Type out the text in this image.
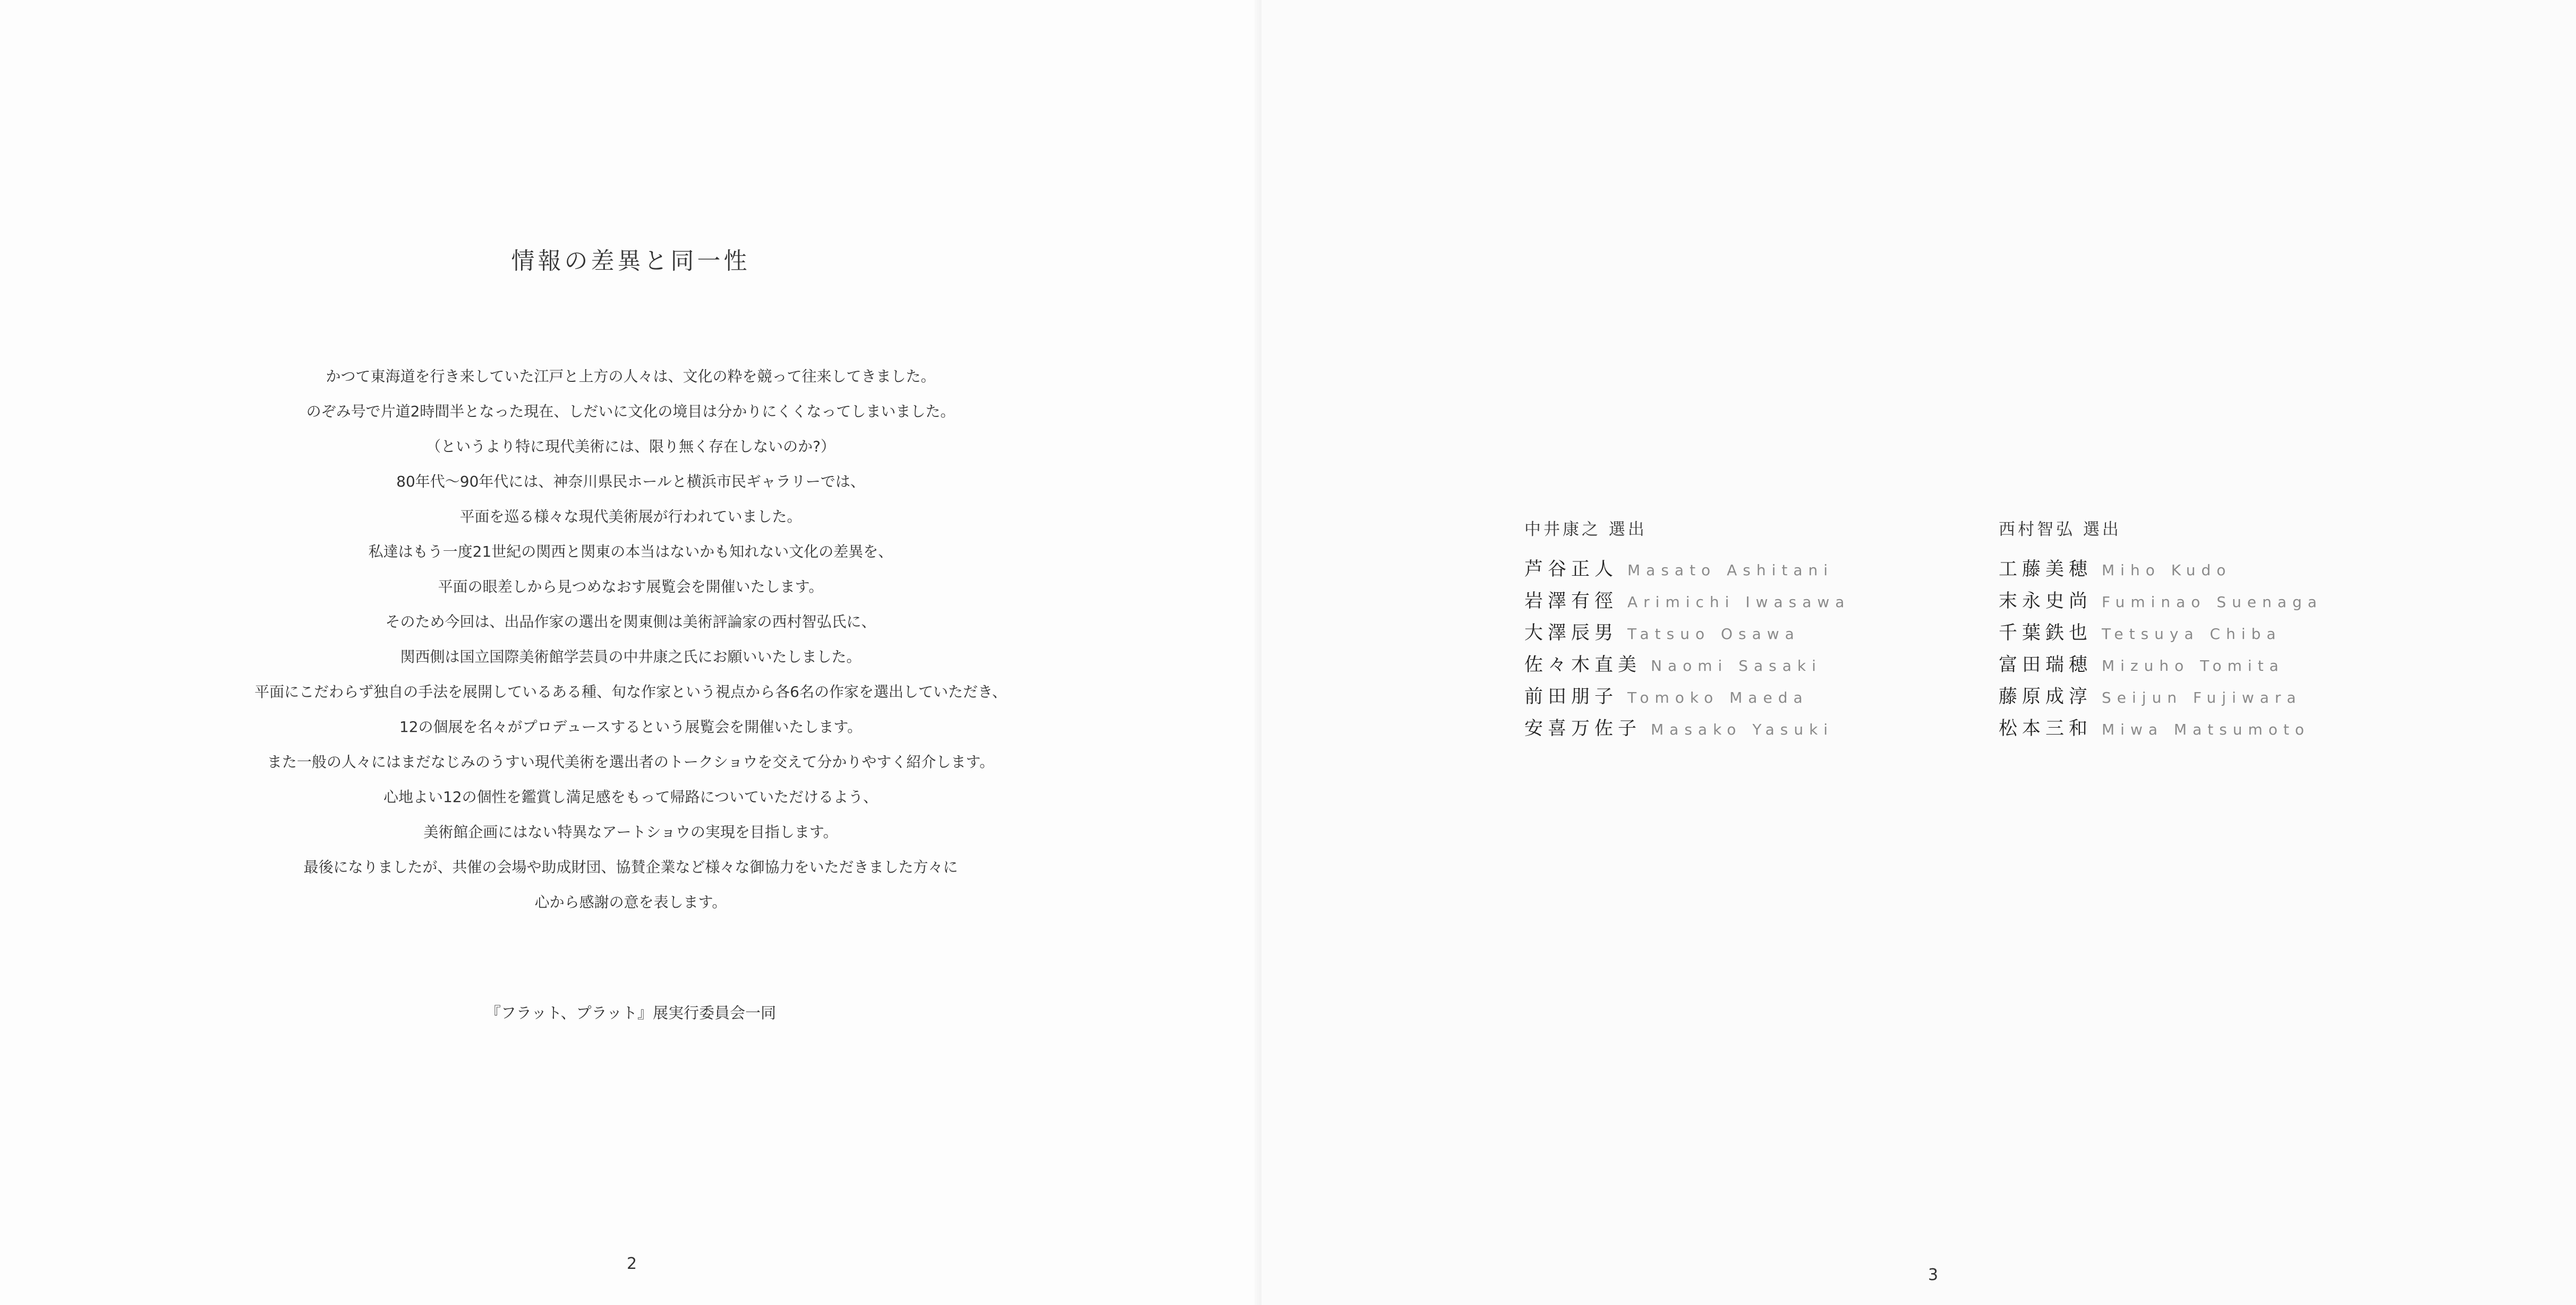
情報の差異と同一性
かつて東海道を行き来していた江戸と上方の人々は、文化の粋を競って往来してきました。
のぞみ号で片道2時間半となった現在、しだいに文化の境目は分かりにくくなってしまいました。
（というより特に現代美術には、限り無く存在しないのか?）
80年代〜90年代には、神奈川県民ホールと横浜市民ギャラリーでは、
平面を巡る様々な現代美術展が行われていました。
私達はもう一度21世紀の関西と関東の本当はないかも知れない文化の差異を、
平面の眼差しから見つめなおす展覧会を開催いたします。
そのため今回は、出品作家の選出を関東側は美術評論家の西村智弘氏に、
関西側は国立国際美術館学芸員の中井康之氏にお願いいたしました。
平面にこだわらず独自の手法を展開しているある種、旬な作家という視点から各6名の作家を選出していただき、
12の個展を名々がプロデュースするという展覧会を開催いたします。
また一般の人々にはまだなじみのうすい現代美術を選出者のトークショウを交えて分かりやすく紹介します。
心地よい12の個性を鑑賞し満足感をもって帰路についていただけるよう、
美術館企画にはない特異なアートショウの実現を目指します。
最後になりましたが、共催の会場や助成財団、協賛企業など様々な御協力をいただきました方々に
心から感謝の意を表します。
『フラット、プラット』展実行委員会一同
2
中井康之 選出
芦谷正人 Masato Ashitani
岩澤有徑 Arimichi Iwasawa
大澤辰男 Tatsuo Osawa
佐々木直美 Naomi Sasaki
前田朋子 Tomoko Maeda
安喜万佐子 Masako Yasuki
西村智弘 選出
工藤美穂 Miho Kudo
末永史尚 Fuminao Suenaga
千葉鉄也 Tetsuya Chiba
富田瑞穂 Mizuho Tomita
藤原成淳 Seijun Fujiwara
松本三和 Miwa Matsumoto
3
